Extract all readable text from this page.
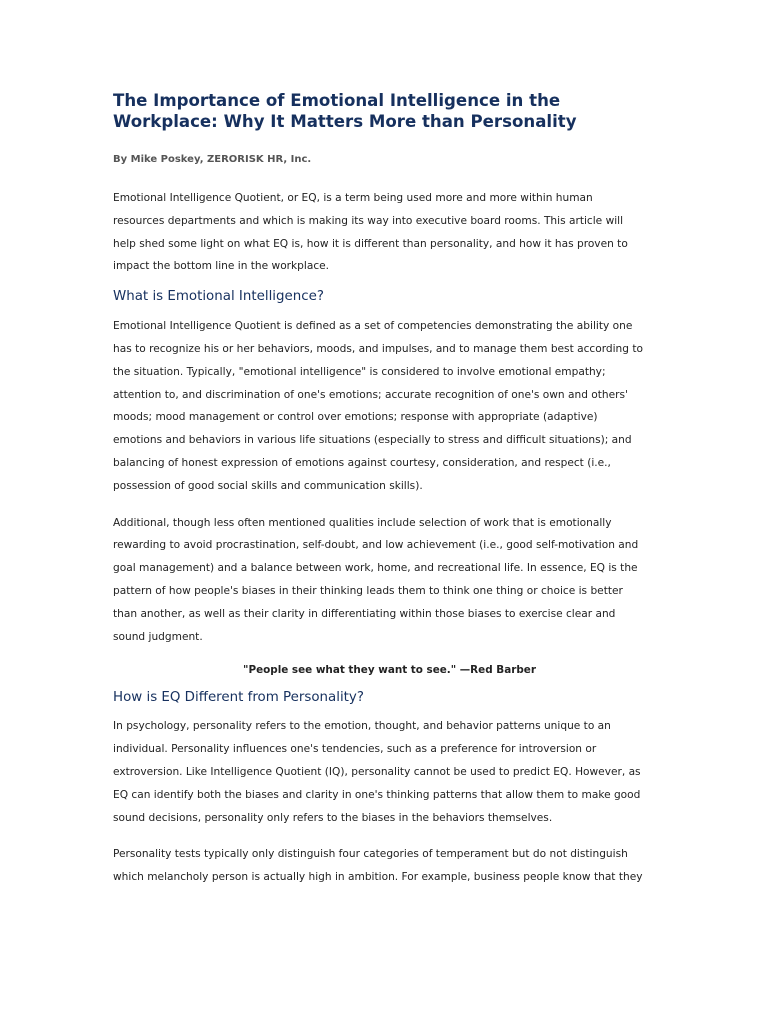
The Importance of Emotional Intelligence in the
Workplace: Why It Matters More than Personality

By Mike Poskey, ZERORISK HR, Inc.

Emotional Intelligence Quotient, or EQ, is a term being used more and more within human
resources departments and which is making its way into executive board rooms. This article will
help shed some light on what EQ is, how it is different than personality, and how it has proven to
impact the bottom line in the workplace.

What is Emotional Intelligence?

Emotional Intelligence Quotient is defined as a set of competencies demonstrating the ability one
has to recognize his or her behaviors, moods, and impulses, and to manage them best according to
the situation. Typically, "emotional intelligence" is considered to involve emotional empathy;
attention to, and discrimination of one's emotions; accurate recognition of one's own and others'
moods; mood management or control over emotions; response with appropriate (adaptive)
emotions and behaviors in various life situations (especially to stress and difficult situations); and
balancing of honest expression of emotions against courtesy, consideration, and respect (i.e.,
possession of good social skills and communication skills).

Additional, though less often mentioned qualities include selection of work that is emotionally
rewarding to avoid procrastination, self-doubt, and low achievement (i.e., good self-motivation and
goal management) and a balance between work, home, and recreational life. In essence, EQ is the
pattern of how people's biases in their thinking leads them to think one thing or choice is better
than another, as well as their clarity in differentiating within those biases to exercise clear and
sound judgment.

"People see what they want to see." —Red Barber

How is EQ Different from Personality?

In psychology, personality refers to the emotion, thought, and behavior patterns unique to an
individual. Personality influences one's tendencies, such as a preference for introversion or
extroversion. Like Intelligence Quotient (IQ), personality cannot be used to predict EQ. However, as
EQ can identify both the biases and clarity in one's thinking patterns that allow them to make good
sound decisions, personality only refers to the biases in the behaviors themselves.

Personality tests typically only distinguish four categories of temperament but do not distinguish
which melancholy person is actually high in ambition. For example, business people know that they
